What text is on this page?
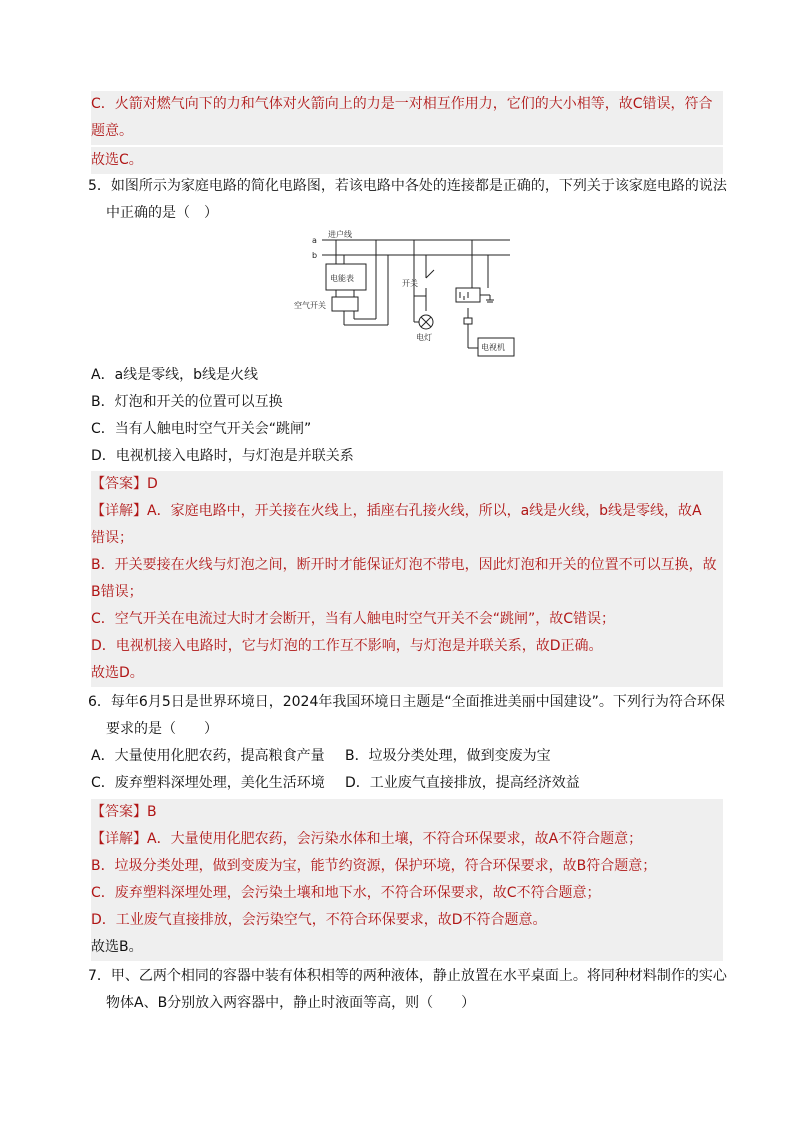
C．火箭对燃气向下的力和气体对火箭向上的力是一对相互作用力，它们的大小相等，故C错误，符合
题意。
故选C。
5．如图所示为家庭电路的简化电路图，若该电路中各处的连接都是正确的，下列关于该家庭电路的说法
中正确的是（　）
a
b
进户线
电能表
空气开关
开关
电灯
电视机
A．a线是零线，b线是火线
B．灯泡和开关的位置可以互换
C．当有人触电时空气开关会“跳闸”
D．电视机接入电路时，与灯泡是并联关系
【答案】D
【详解】A．家庭电路中，开关接在火线上，插座右孔接火线，所以，a线是火线，b线是零线，故A
错误；
B．开关要接在火线与灯泡之间，断开时才能保证灯泡不带电，因此灯泡和开关的位置不可以互换，故
B错误；
C．空气开关在电流过大时才会断开，当有人触电时空气开关不会“跳闸”，故C错误；
D．电视机接入电路时，它与灯泡的工作互不影响，与灯泡是并联关系，故D正确。
故选D。
6．每年6月5日是世界环境日，2024年我国环境日主题是“全面推进美丽中国建设”。下列行为符合环保
要求的是（　　）
A．大量使用化肥农药，提高粮食产量 B．垃圾分类处理，做到变废为宝
C．废弃塑料深埋处理，美化生活环境 D．工业废气直接排放，提高经济效益
【答案】B
【详解】A．大量使用化肥农药，会污染水体和土壤，不符合环保要求，故A不符合题意；
B．垃圾分类处理，做到变废为宝，能节约资源，保护环境，符合环保要求，故B符合题意；
C．废弃塑料深埋处理，会污染土壤和地下水，不符合环保要求，故C不符合题意；
D．工业废气直接排放，会污染空气，不符合环保要求，故D不符合题意。
故选B。
7．甲、乙两个相同的容器中装有体积相等的两种液体，静止放置在水平桌面上。将同种材料制作的实心
物体A、B分别放入两容器中，静止时液面等高，则（　　）
